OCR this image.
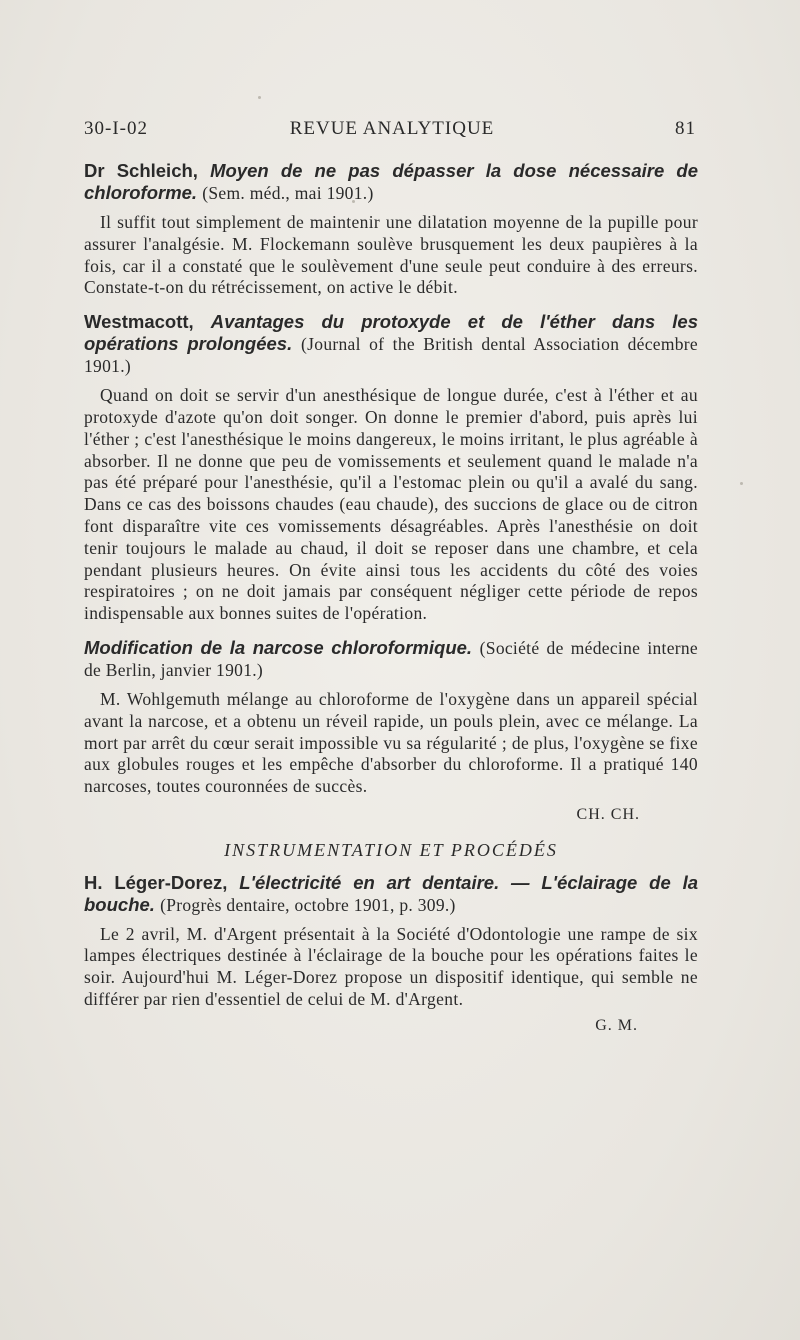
30-I-02	REVUE ANALYTIQUE	81
Dr Schleich, Moyen de ne pas dépasser la dose nécessaire de chloroforme. (Sem. méd., mai 1901.)

Il suffit tout simplement de maintenir une dilatation moyenne de la pupille pour assurer l'analgésie. M. Flockemann soulève brusquement les deux paupières à la fois, car il a constaté que le soulèvement d'une seule peut conduire à des erreurs. Constate-t-on du rétrécissement, on active le débit.

Westmacott, Avantages du protoxyde et de l'éther dans les opérations prolongées. (Journal of the British dental Association décembre 1901.)

Quand on doit se servir d'un anesthésique de longue durée, c'est à l'éther et au protoxyde d'azote qu'on doit songer. On donne le premier d'abord, puis après lui l'éther ; c'est l'anesthésique le moins dangereux, le moins irritant, le plus agréable à absorber. Il ne donne que peu de vomissements et seulement quand le malade n'a pas été préparé pour l'anesthésie, qu'il a l'estomac plein ou qu'il a avalé du sang. Dans ce cas des boissons chaudes (eau chaude), des succions de glace ou de citron font disparaître vite ces vomissements désagréables. Après l'anesthésie on doit tenir toujours le malade au chaud, il doit se reposer dans une chambre, et cela pendant plusieurs heures. On évite ainsi tous les accidents du côté des voies respiratoires ; on ne doit jamais par conséquent négliger cette période de repos indispensable aux bonnes suites de l'opération.

Modification de la narcose chloroformique. (Société de médecine interne de Berlin, janvier 1901.)

M. Wohlgemuth mélange au chloroforme de l'oxygène dans un appareil spécial avant la narcose, et a obtenu un réveil rapide, un pouls plein, avec ce mélange. La mort par arrêt du cœur serait impossible vu sa régularité ; de plus, l'oxygène se fixe aux globules rouges et les empêche d'absorber du chloroforme. Il a pratiqué 140 narcoses, toutes couronnées de succès.

CH. CH.
INSTRUMENTATION ET PROCÉDÉS
H. Léger-Dorez, L'électricité en art dentaire. — L'éclairage de la bouche. (Progrès dentaire, octobre 1901, p. 309.)

Le 2 avril, M. d'Argent présentait à la Société d'Odontologie une rampe de six lampes électriques destinée à l'éclairage de la bouche pour les opérations faites le soir. Aujourd'hui M. Léger-Dorez propose un dispositif identique, qui semble ne différer par rien d'essentiel de celui de M. d'Argent.

G. M.
